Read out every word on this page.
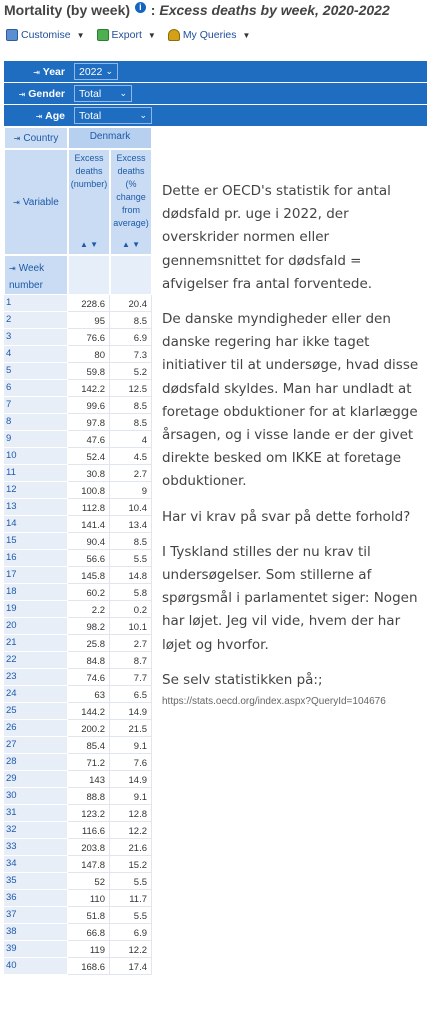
Mortality (by week) i : Excess deaths by week, 2020-2022
Customise ▼	Export ▼	My Queries ▼
⇥ Year	2022 ⌄
⇥ Gender	Total ⌄
⇥ Age	Total	⌄
⇥ Country	Denmark
⇥ Variable
Excess deaths (number)
▲ ▼
Excess deaths (% change from average)
▲ ▼
⇥ Week number
1	228.6	20.4
2	95	8.5
3	76.6	6.9
4	80	7.3
5	59.8	5.2
6	142.2	12.5
7	99.6	8.5
8	97.8	8.5
9	47.6	4
10	52.4	4.5
11	30.8	2.7
12	100.8	9
13	112.8	10.4
14	141.4	13.4
15	90.4	8.5
16	56.6	5.5
17	145.8	14.8
18	60.2	5.8
19	2.2	0.2
20	98.2	10.1
21	25.8	2.7
22	84.8	8.7
23	74.6	7.7
24	63	6.5
25	144.2	14.9
26	200.2	21.5
27	85.4	9.1
28	71.2	7.6
29	143	14.9
30	88.8	9.1
31	123.2	12.8
32	116.6	12.2
33	203.8	21.6
34	147.8	15.2
35	52	5.5
36	110	11.7
37	51.8	5.5
38	66.8	6.9
39	119	12.2
40	168.6	17.4

Dette er OECD's statistik for antal dødsfald pr. uge i 2022, der overskrider normen eller gennemsnittet for dødsfald = afvigelser fra antal forventede.

De danske myndigheder eller den danske regering har ikke taget initiativer til at undersøge, hvad disse dødsfald skyldes. Man har undladt at foretage obduktioner for at klarlægge årsagen, og i visse lande er der givet direkte besked om IKKE at foretage obduktioner.

Har vi krav på svar på dette forhold?

I Tyskland stilles der nu krav til undersøgelser. Som stillerne af spørgsmål i parlamentet siger: Nogen har løjet. Jeg vil vide, hvem der har løjet og hvorfor.

Se selv statistikken på:;
https://stats.oecd.org/index.aspx?QueryId=104676
